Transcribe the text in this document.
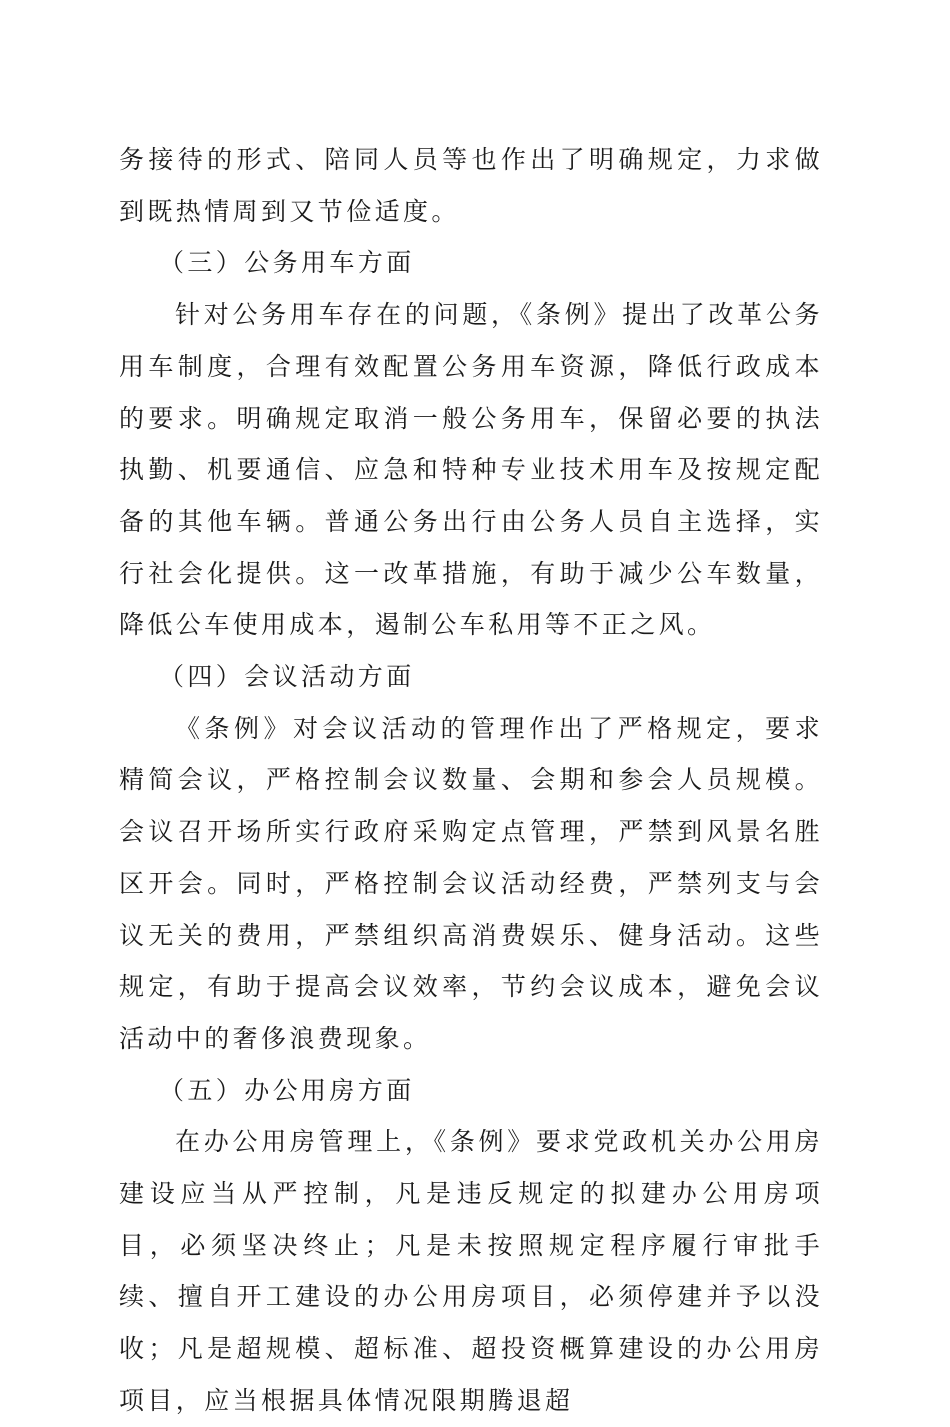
务接待的形式、陪同人员等也作出了明确规定，力求做到既热情周到又节俭适度。

（三）公务用车方面

针对公务用车存在的问题，《条例》提出了改革公务用车制度，合理有效配置公务用车资源，降低行政成本的要求。明确规定取消一般公务用车，保留必要的执法执勤、机要通信、应急和特种专业技术用车及按规定配备的其他车辆。普通公务出行由公务人员自主选择，实行社会化提供。这一改革措施，有助于减少公车数量，降低公车使用成本，遏制公车私用等不正之风。

（四）会议活动方面

《条例》对会议活动的管理作出了严格规定，要求精简会议，严格控制会议数量、会期和参会人员规模。会议召开场所实行政府采购定点管理，严禁到风景名胜区开会。同时，严格控制会议活动经费，严禁列支与会议无关的费用，严禁组织高消费娱乐、健身活动。这些规定，有助于提高会议效率，节约会议成本，避免会议活动中的奢侈浪费现象。

（五）办公用房方面

在办公用房管理上，《条例》要求党政机关办公用房建设应当从严控制，凡是违反规定的拟建办公用房项目，必须坚决终止；凡是未按照规定程序履行审批手续、擅自开工建设的办公用房项目，必须停建并予以没收；凡是超规模、超标准、超投资概算建设的办公用房项目，应当根据具体情况限期腾退超
